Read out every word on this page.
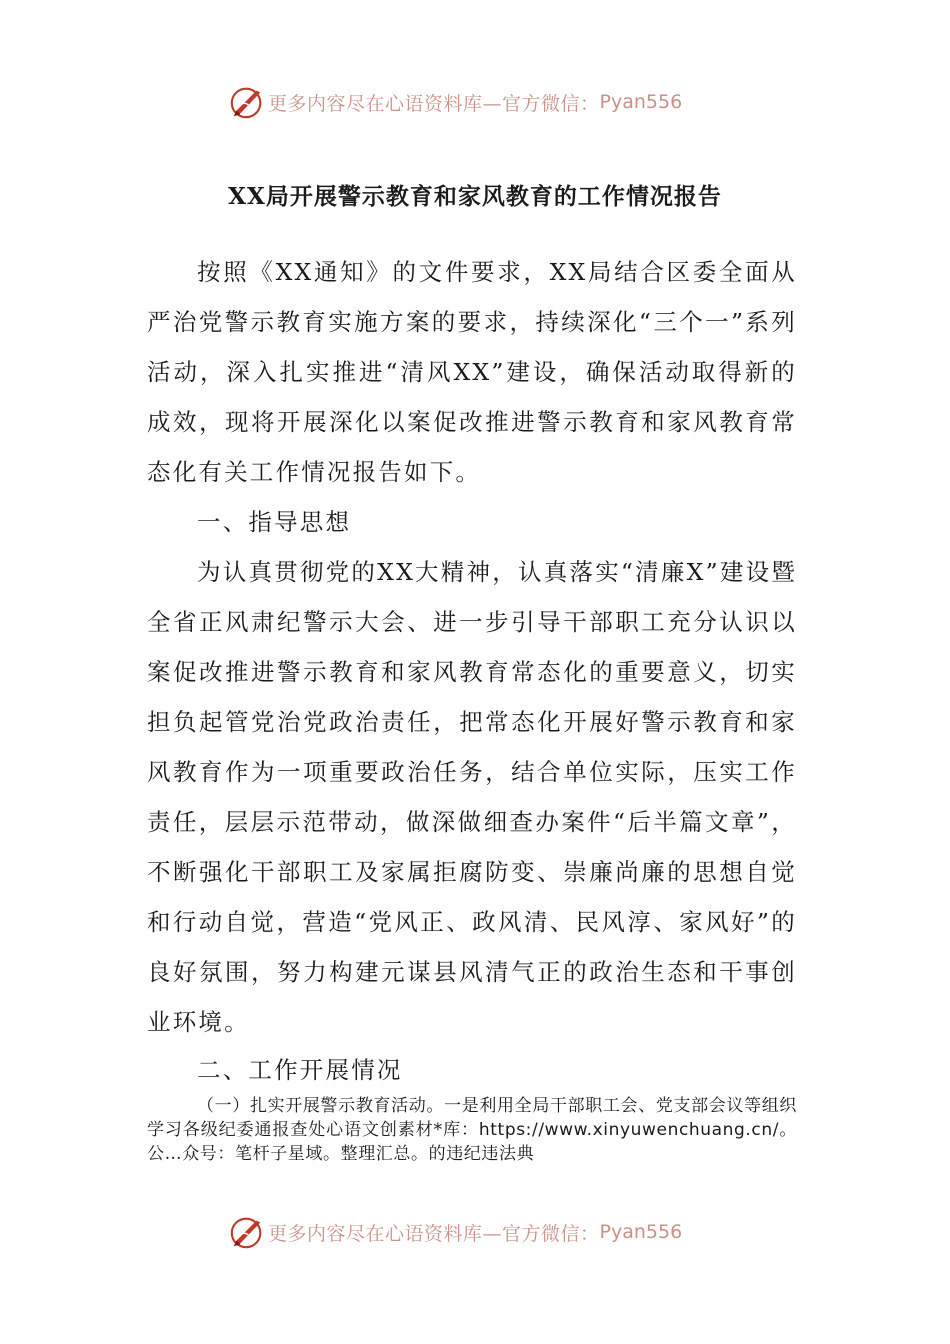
更多内容尽在心语资料库—官方微信： Pyan556
XX局开展警示教育和家风教育的工作情况报告

按照《XX通知》的文件要求，XX局结合区委全面从严治党警示教育实施方案的要求，持续深化“三个一”系列活动，深入扎实推进“清风XX”建设，确保活动取得新的成效，现将开展深化以案促改推进警示教育和家风教育常态化有关工作情况报告如下。

一、指导思想

为认真贯彻党的XX大精神，认真落实“清廉X”建设暨全省正风肃纪警示大会、进一步引导干部职工充分认识以案促改推进警示教育和家风教育常态化的重要意义，切实担负起管党治党政治责任，把常态化开展好警示教育和家风教育作为一项重要政治任务，结合单位实际，压实工作责任，层层示范带动，做深做细查办案件“后半篇文章”，不断强化干部职工及家属拒腐防变、崇廉尚廉的思想自觉和行动自觉，营造“党风正、政风清、民风淳、家风好”的良好氛围，努力构建元谋县风清气正的政治生态和干事创业环境。

二、工作开展情况

（一）扎实开展警示教育活动。一是利用全局干部职工会、党支部会议等组织学习各级纪委通报查处心语文创素材*库：https://www.xinyuwenchuang.cn/。公…众号：笔杆子星域。整理汇总。的违纪违法典

更多内容尽在心语资料库—官方微信： Pyan556
